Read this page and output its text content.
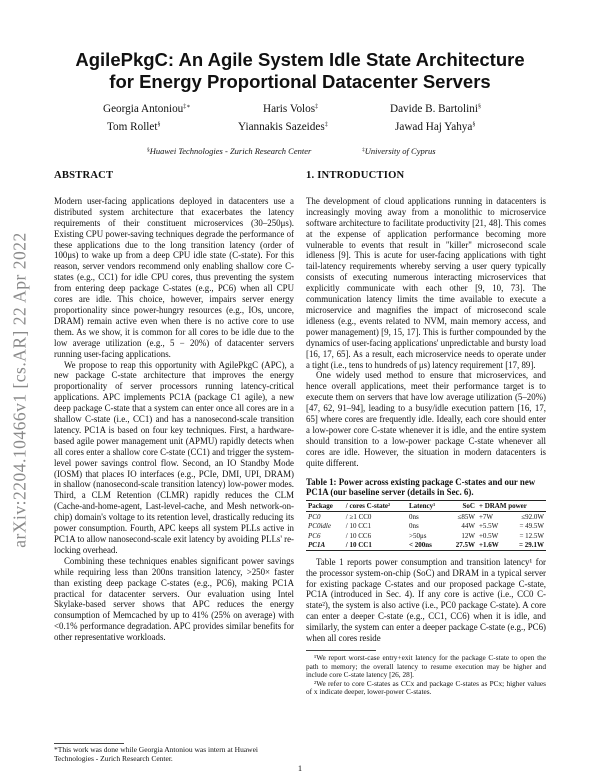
arXiv:2204.10466v1 [cs.AR] 22 Apr 2022
AgilePkgC: An Agile System Idle State Architecture
for Energy Proportional Datacenter Servers
Georgia Antoniou‡∗	Haris Volos‡	Davide B. Bartolini§
Tom Rollet§	Yiannakis Sazeides‡	Jawad Haj Yahya§
§Huawei Technologies - Zurich Research Center	‡University of Cyprus
ABSTRACT

Modern user-facing applications deployed in datacenters use a distributed system architecture that exacerbates the latency requirements of their constituent microservices (30–250μs). Existing CPU power-saving techniques degrade the performance of these applications due to the long transition latency (order of 100μs) to wake up from a deep CPU idle state (C-state). For this reason, server vendors recommend only enabling shallow core C-states (e.g., CC1) for idle CPU cores, thus preventing the system from entering deep package C-states (e.g., PC6) when all CPU cores are idle. This choice, however, impairs server energy proportionality since power-hungry resources (e.g., IOs, uncore, DRAM) remain active even when there is no active core to use them. As we show, it is common for all cores to be idle due to the low average utilization (e.g., 5 − 20%) of datacenter servers running user-facing applications.

We propose to reap this opportunity with AgilePkgC (APC), a new package C-state architecture that improves the energy proportionality of server processors running latency-critical applications. APC implements PC1A (package C1 agile), a new deep package C-state that a system can enter once all cores are in a shallow C-state (i.e., CC1) and has a nanosecond-scale transition latency. PC1A is based on four key techniques. First, a hardware-based agile power management unit (APMU) rapidly detects when all cores enter a shallow core C-state (CC1) and trigger the system-level power savings control flow. Second, an IO Standby Mode (IOSM) that places IO interfaces (e.g., PCIe, DMI, UPI, DRAM) in shallow (nanosecond-scale transition latency) low-power modes. Third, a CLM Retention (CLMR) rapidly reduces the CLM (Cache-and-home-agent, Last-level-cache, and Mesh network-on-chip) domain's voltage to its retention level, drastically reducing its power consumption. Fourth, APC keeps all system PLLs active in PC1A to allow nanosecond-scale exit latency by avoiding PLLs' re-locking overhead.

Combining these techniques enables significant power savings while requiring less than 200ns transition latency, >250× faster than existing deep package C-states (e.g., PC6), making PC1A practical for datacenter servers. Our evaluation using Intel Skylake-based server shows that APC reduces the energy consumption of Memcached by up to 41% (25% on average) with <0.1% performance degradation. APC provides similar benefits for other representative workloads.

*This work was done while Georgia Antoniou was intern at Huawei Technologies - Zurich Research Center.
1. INTRODUCTION

The development of cloud applications running in datacenters is increasingly moving away from a monolithic to microservice software architecture to facilitate productivity [21, 48]. This comes at the expense of application performance becoming more vulnerable to events that result in "killer" microsecond scale idleness [9]. This is acute for user-facing applications with tight tail-latency requirements whereby serving a user query typically consists of executing numerous interacting microservices that explicitly communicate with each other [9, 10, 73]. The communication latency limits the time available to execute a microservice and magnifies the impact of microsecond scale idleness (e.g., events related to NVM, main memory access, and power management) [9, 15, 17]. This is further compounded by the dynamics of user-facing applications' unpredictable and bursty load [16, 17, 65]. As a result, each microservice needs to operate under a tight (i.e., tens to hundreds of μs) latency requirement [17, 89].

One widely used method to ensure that microservices, and hence overall applications, meet their performance target is to execute them on servers that have low average utilization (5–20%) [47, 62, 91–94], leading to a busy/idle execution pattern [16, 17, 65] where cores are frequently idle. Ideally, each core should enter a low-power core C-state whenever it is idle, and the entire system should transition to a low-power package C-state whenever all cores are idle. However, the situation in modern datacenters is quite different.

Table 1: Power across existing package C-states and our new PC1A (our baseline server (details in Sec. 6).
Package	/ cores C-state²	Latency¹	SoC	+ DRAM power	
PC0	/ ≥1 CC0	0ns	≤85W	+7W	≤92.0W
PC0idle	/ 10 CC1	0ns	44W	+5.5W	= 49.5W
PC6	/ 10 CC6	>50μs	12W	+0.5W	= 12.5W
PC1A	/ 10 CC1	< 200ns	27.5W	+1.6W	= 29.1W

Table 1 reports power consumption and transition latency¹ for the processor system-on-chip (SoC) and DRAM in a typical server for existing package C-states and our proposed package C-state, PC1A (introduced in Sec. 4). If any core is active (i.e., CC0 C-state²), the system is also active (i.e., PC0 package C-state). A core can enter a deeper C-state (e.g., CC1, CC6) when it is idle, and similarly, the system can enter a deeper package C-state (e.g., PC6) when all cores reside

¹We report worst-case entry+exit latency for the package C-state to open the path to memory; the overall latency to resume execution may be higher and include core C-state latency [26, 28].

²We refer to core C-states as CCx and package C-states as PCx; higher values of x indicate deeper, lower-power C-states.

1
